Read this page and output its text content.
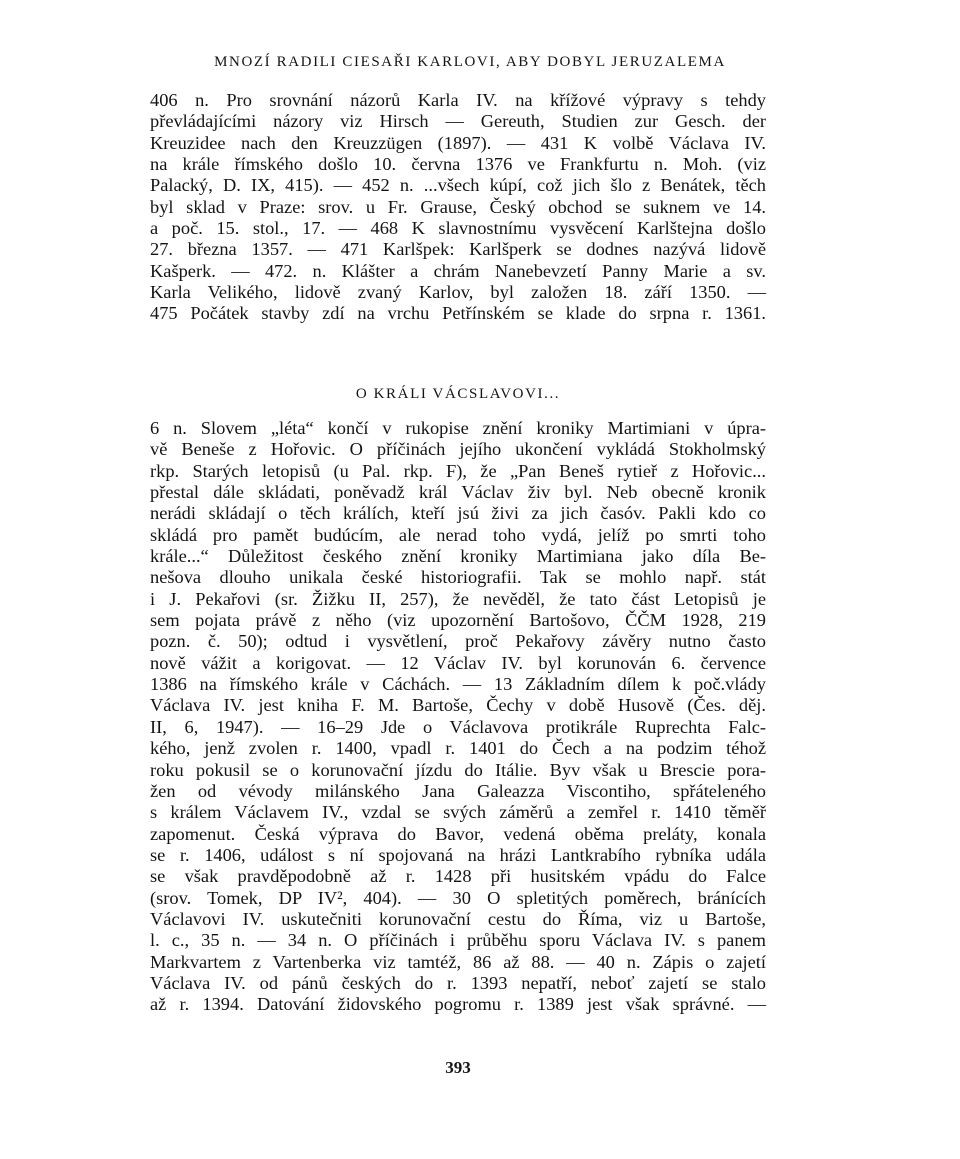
MNOZÍ RADILI CIESAŘI KARLOVI, ABY DOBYL JERUZALEMA
406 n. Pro srovnání názorů Karla IV. na křížové výpravy s tehdy
převládajícími názory viz Hirsch — Gereuth, Studien zur Gesch. der
Kreuzidee nach den Kreuzzügen (1897). — 431 K volbě Václava IV.
na krále římského došlo 10. června 1376 ve Frankfurtu n. Moh. (viz
Palacký, D. IX, 415). — 452 n. ...všech kúpí, což jich šlo z Benátek, těch
byl sklad v Praze: srov. u Fr. Grause, Český obchod se suknem ve 14.
a poč. 15. stol., 17. — 468 K slavnostnímu vysvěcení Karlštejna došlo
27. března 1357. — 471 Karlšpek: Karlšperk se dodnes nazývá lidově
Kašperk. — 472. n. Klášter a chrám Nanebevzetí Panny Marie a sv.
Karla Velikého, lidově zvaný Karlov, byl založen 18. září 1350. —
475 Počátek stavby zdí na vrchu Petřínském se klade do srpna r. 1361.
O KRÁLI VÁCSLAVOVI...
6 n. Slovem „léta“ končí v rukopise znění kroniky Martimiani v úpra-
vě Beneše z Hořovic. O příčinách jejího ukončení vykládá Stokholmský
rkp. Starých letopisů (u Pal. rkp. F), že „Pan Beneš rytieř z Hořovic...
přestal dále skládati, poněvadž král Václav živ byl. Neb obecně kronik
nerádi skládají o těch králích, kteří jsú živi za jich časóv. Pakli kdo co
skládá pro pamět budúcím, ale nerad toho vydá, jelíž po smrti toho
krále...“ Důležitost českého znění kroniky Martimiana jako díla Be-
nešova dlouho unikala české historiografii. Tak se mohlo např. stát
i J. Pekařovi (sr. Žižku II, 257), že nevěděl, že tato část Letopisů je
sem pojata právě z něho (viz upozornění Bartošovo, ČČM 1928, 219
pozn. č. 50); odtud i vysvětlení, proč Pekařovy závěry nutno často
nově vážit a korigovat. — 12 Václav IV. byl korunován 6. července
1386 na římského krále v Cáchách. — 13 Základním dílem k poč.vlády
Václava IV. jest kniha F. M. Bartoše, Čechy v době Husově (Čes. děj.
II, 6, 1947). — 16–29 Jde o Václavova protikrále Ruprechta Falc-
kého, jenž zvolen r. 1400, vpadl r. 1401 do Čech a na podzim téhož
roku pokusil se o korunovační jízdu do Itálie. Byv však u Brescie pora-
žen od vévody milánského Jana Galeazza Viscontiho, spřáteleného
s králem Václavem IV., vzdal se svých záměrů a zemřel r. 1410 těměř
zapomenut. Česká výprava do Bavor, vedená oběma preláty, konala
se r. 1406, událost s ní spojovaná na hrázi Lantkrabího rybníka udála
se však pravděpodobně až r. 1428 při husitském vpádu do Falce
(srov. Tomek, DP IV², 404). — 30 O spletitých poměrech, bránících
Václavovi IV. uskutečniti korunovační cestu do Říma, viz u Bartoše,
l. c., 35 n. — 34 n. O příčinách i průběhu sporu Václava IV. s panem
Markvartem z Vartenberka viz tamtéž, 86 až 88. — 40 n. Zápis o zajetí
Václava IV. od pánů českých do r. 1393 nepatří, neboť zajetí se stalo
až r. 1394. Datování židovského pogromu r. 1389 jest však správné. —
393
